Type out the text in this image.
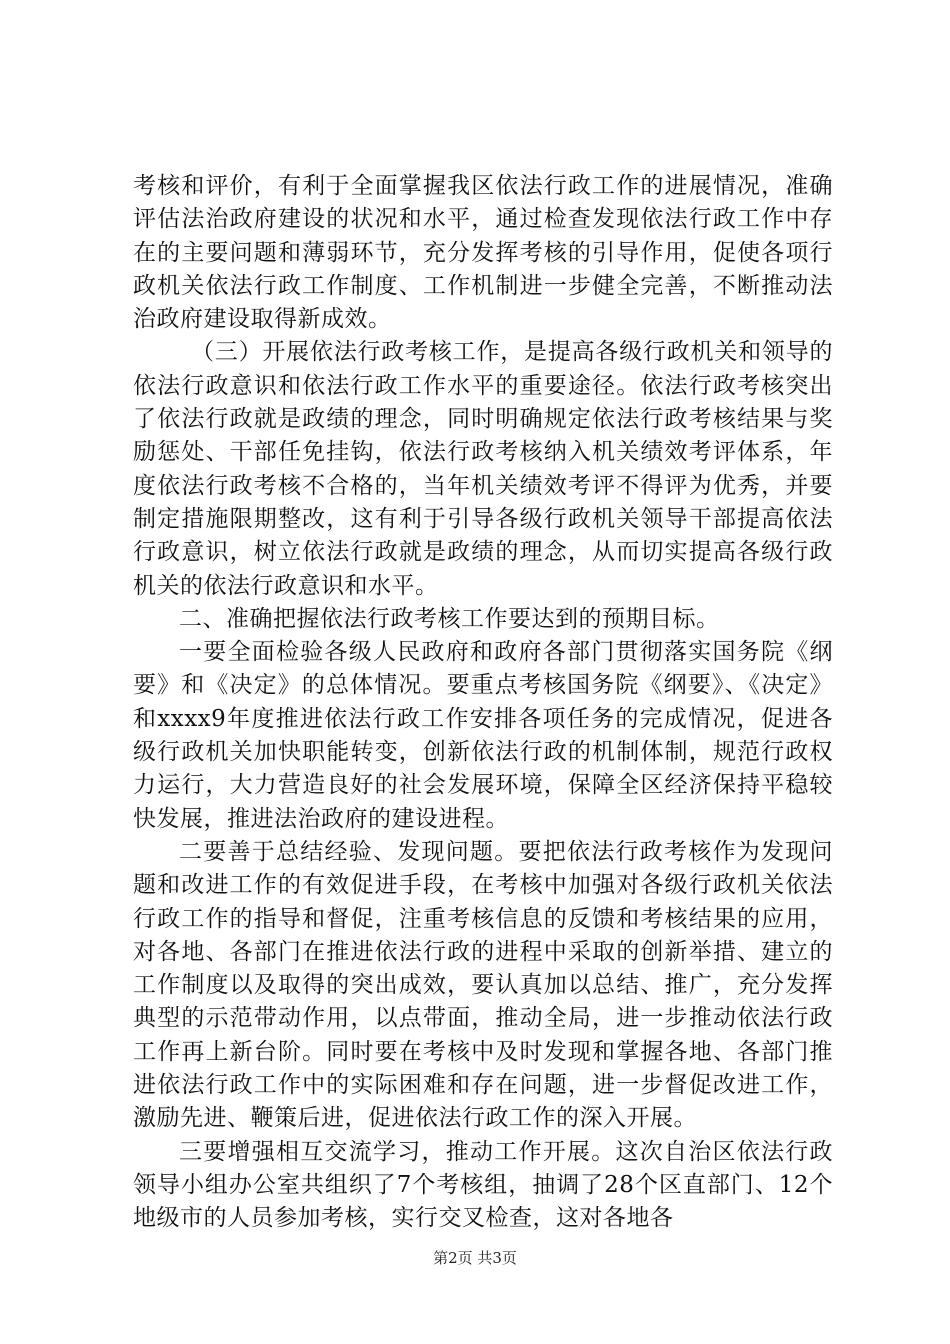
考核和评价，有利于全面掌握我区依法行政工作的进展情况，准确评估法治政府建设的状况和水平，通过检查发现依法行政工作中存在的主要问题和薄弱环节，充分发挥考核的引导作用，促使各项行政机关依法行政工作制度、工作机制进一步健全完善，不断推动法治政府建设取得新成效。

（三）开展依法行政考核工作，是提高各级行政机关和领导的依法行政意识和依法行政工作水平的重要途径。依法行政考核突出了依法行政就是政绩的理念，同时明确规定依法行政考核结果与奖励惩处、干部任免挂钩，依法行政考核纳入机关绩效考评体系，年度依法行政考核不合格的，当年机关绩效考评不得评为优秀，并要制定措施限期整改，这有利于引导各级行政机关领导干部提高依法行政意识，树立依法行政就是政绩的理念，从而切实提高各级行政机关的依法行政意识和水平。

二、准确把握依法行政考核工作要达到的预期目标。

一要全面检验各级人民政府和政府各部门贯彻落实国务院《纲要》和《决定》的总体情况。要重点考核国务院《纲要》、《决定》和xxxx9年度推进依法行政工作安排各项任务的完成情况，促进各级行政机关加快职能转变，创新依法行政的机制体制，规范行政权力运行，大力营造良好的社会发展环境，保障全区经济保持平稳较快发展，推进法治政府的建设进程。

二要善于总结经验、发现问题。要把依法行政考核作为发现问题和改进工作的有效促进手段，在考核中加强对各级行政机关依法行政工作的指导和督促，注重考核信息的反馈和考核结果的应用，对各地、各部门在推进依法行政的进程中采取的创新举措、建立的工作制度以及取得的突出成效，要认真加以总结、推广，充分发挥典型的示范带动作用，以点带面，推动全局，进一步推动依法行政工作再上新台阶。同时要在考核中及时发现和掌握各地、各部门推进依法行政工作中的实际困难和存在问题，进一步督促改进工作，激励先进、鞭策后进，促进依法行政工作的深入开展。

三要增强相互交流学习，推动工作开展。这次自治区依法行政领导小组办公室共组织了7个考核组，抽调了28个区直部门、12个地级市的人员参加考核，实行交叉检查，这对各地各

第2页 共3页
